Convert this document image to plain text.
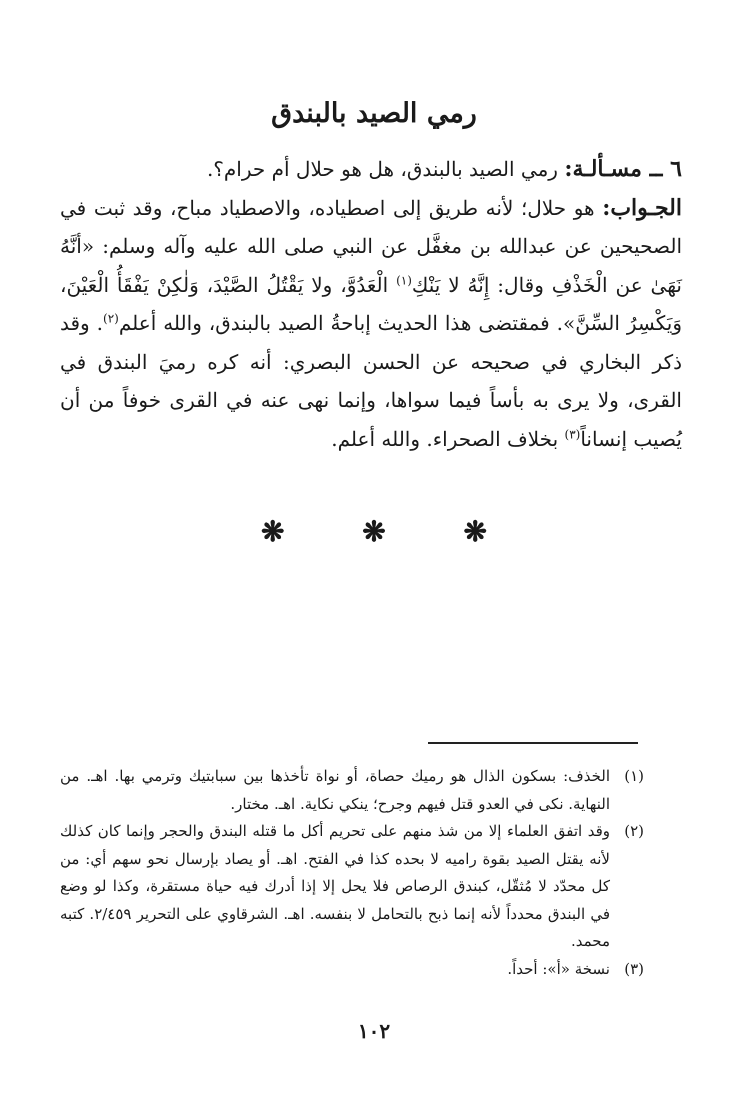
رمي الصيد بالبندق

٦ ــ مسـألـة: رمي الصيد بالبندق، هل هو حلال أم حرام؟.

الجـواب: هو حلال؛ لأنه طريق إلى اصطياده، والاصطياد مباح، وقد ثبت في الصحيحين عن عبدالله بن مغفَّل عن النبي صلى الله عليه وآله وسلم: «أنَّهُ نَهَىٰ عن الْخَذْفِ وقال: إِنَّهُ لا يَنْكِ$^{(١)}$ الْعَدُوَّ، ولا يَقْتُلُ الصَّيْدَ، وَلٰكِنْ يَفْقَأُ الْعَيْنَ، وَيَكْسِرُ السِّنَّ». فمقتضى هذا الحديث إباحةُ الصيد بالبندق، والله أعلم$^{(٢)}$. وقد ذكر البخاري في صحيحه عن الحسن البصري: أنه كره رميَ البندق في القرى، ولا يرى به بأساً فيما سواها، وإنما نهى عنه في القرى خوفاً من أن يُصيب إنساناً$^{(٣)}$ بخلاف الصحراء. والله أعلم.

❋ ❋ ❋
(١)
الخذف: بسكون الذال هو رميك حصاة، أو نواة تأخذها بين سبابتيك وترمي بها. اهـ. من النهاية. نكى في العدو قتل فيهم وجرح؛ ينكي نكاية. اهـ. مختار.
(٢)
وقد اتفق العلماء إلا من شذ منهم على تحريم أكل ما قتله البندق والحجر وإنما كان كذلك لأنه يقتل الصيد بقوة راميه لا بحده كذا في الفتح. اهـ. أو يصاد بإرسال نحو سهم أي: من كل محدّد لا مُثقّل، كبندق الرصاص فلا يحل إلا إذا أدرك فيه حياة مستقرة، وكذا لو وضع في البندق محدداً لأنه إنما ذبح بالتحامل لا بنفسه. اهـ. الشرقاوي على التحرير ٢/٤٥٩. كتبه محمد.
(٣)
نسخة «أ»: أحداً.
١٠٢
